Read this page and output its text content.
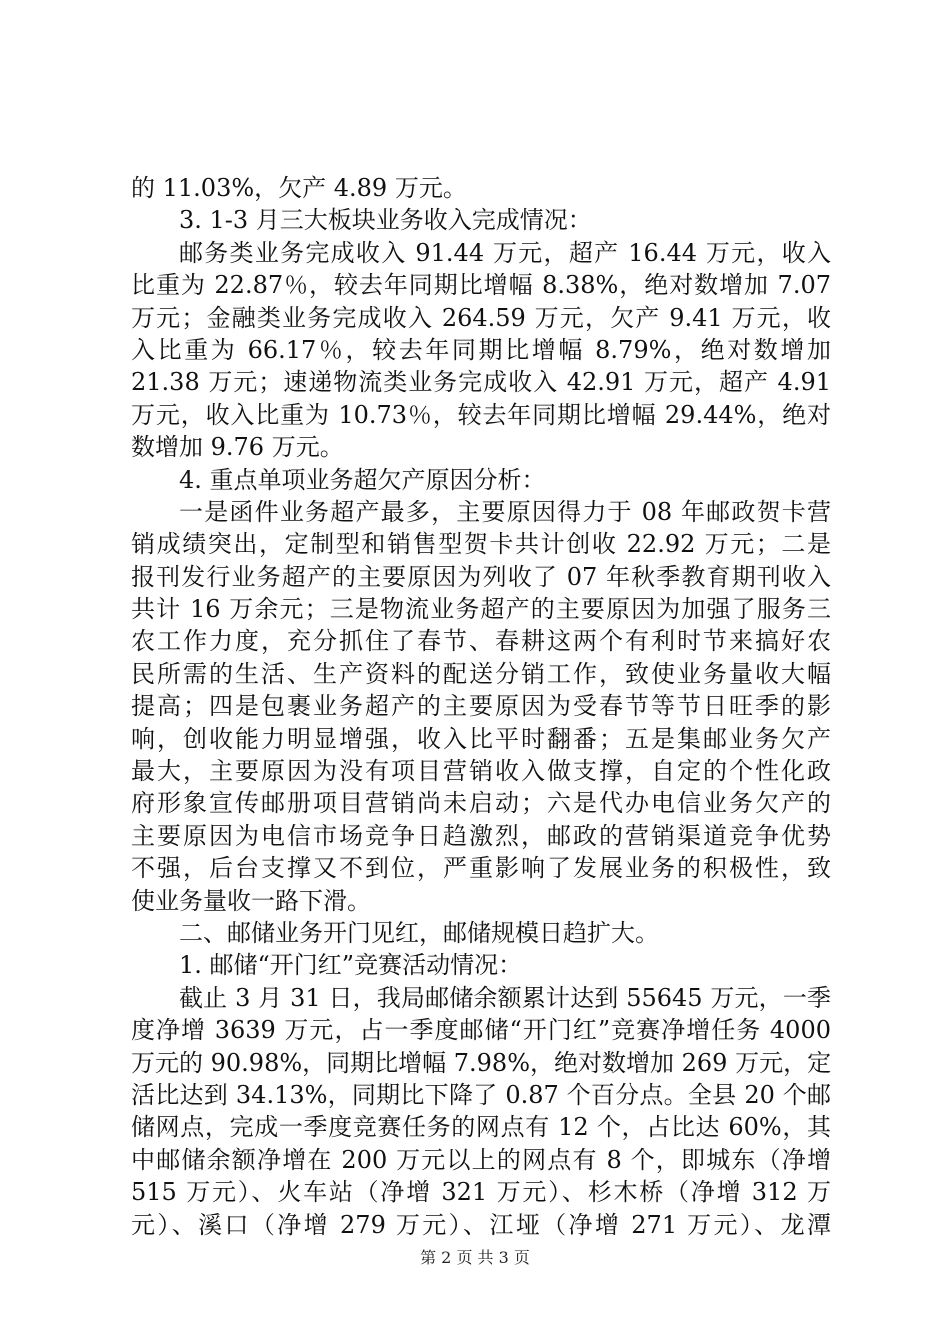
的 11.03%，欠产 4.89 万元。
3. 1-3 月三大板块业务收入完成情况：
邮务类业务完成收入 91.44 万元，超产 16.44 万元，收入
比重为 22.87％，较去年同期比增幅 8.38%，绝对数增加 7.07
万元；金融类业务完成收入 264.59 万元，欠产 9.41 万元，收
入比重为 66.17％，较去年同期比增幅 8.79%，绝对数增加
21.38 万元；速递物流类业务完成收入 42.91 万元，超产 4.91
万元，收入比重为 10.73％，较去年同期比增幅 29.44%，绝对
数增加 9.76 万元。
4. 重点单项业务超欠产原因分析：
一是函件业务超产最多，主要原因得力于 08 年邮政贺卡营
销成绩突出，定制型和销售型贺卡共计创收 22.92 万元；二是
报刊发行业务超产的主要原因为列收了 07 年秋季教育期刊收入
共计 16 万余元；三是物流业务超产的主要原因为加强了服务三
农工作力度，充分抓住了春节、春耕这两个有利时节来搞好农
民所需的生活、生产资料的配送分销工作，致使业务量收大幅
提高；四是包裹业务超产的主要原因为受春节等节日旺季的影
响，创收能力明显增强，收入比平时翻番；五是集邮业务欠产
最大，主要原因为没有项目营销收入做支撑，自定的个性化政
府形象宣传邮册项目营销尚未启动；六是代办电信业务欠产的
主要原因为电信市场竞争日趋激烈，邮政的营销渠道竞争优势
不强，后台支撑又不到位，严重影响了发展业务的积极性，致
使业务量收一路下滑。
二、邮储业务开门见红，邮储规模日趋扩大。
1. 邮储“开门红”竞赛活动情况：
截止 3 月 31 日，我局邮储余额累计达到 55645 万元，一季
度净增 3639 万元，占一季度邮储“开门红”竞赛净增任务 4000
万元的 90.98%，同期比增幅 7.98%，绝对数增加 269 万元，定
活比达到 34.13%，同期比下降了 0.87 个百分点。全县 20 个邮
储网点，完成一季度竞赛任务的网点有 12 个，占比达 60%，其
中邮储余额净增在 200 万元以上的网点有 8 个，即城东（净增
515 万元）、火车站（净增 321 万元）、杉木桥（净增 312 万
元）、溪口（净增 279 万元）、江垭（净增 271 万元）、龙潭
第 2 页 共 3 页
